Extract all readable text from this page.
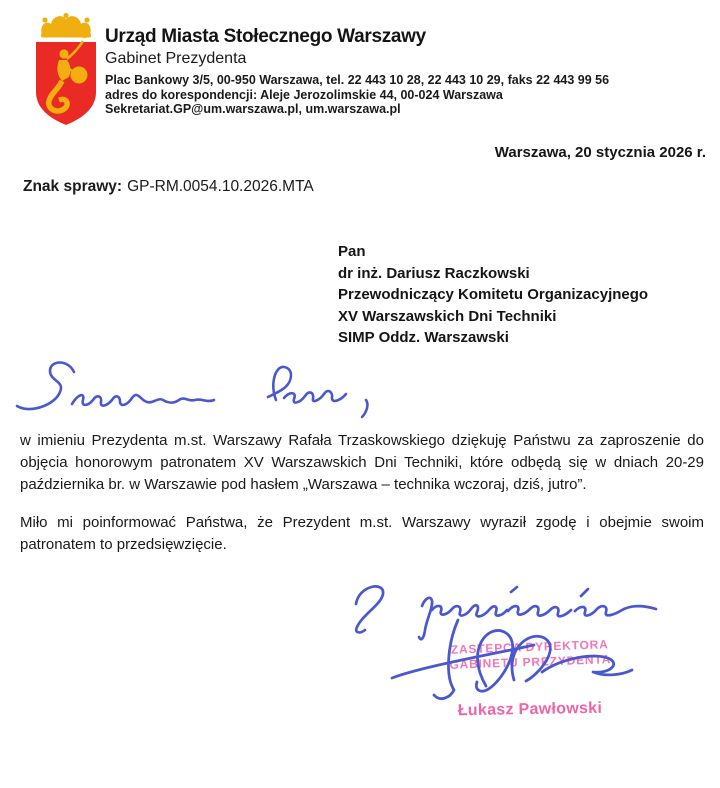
Urząd Miasta Stołecznego Warszawy
Gabinet Prezydenta
Plac Bankowy 3/5, 00-950 Warszawa, tel. 22 443 10 28, 22 443 10 29, faks 22 443 99 56
adres do korespondencji: Aleje Jerozolimskie 44, 00-024 Warszawa
Sekretariat.GP@um.warszawa.pl, um.warszawa.pl
Warszawa, 20 stycznia 2026 r.
Znak sprawy: GP-RM.0054.10.2026.MTA
Pan
dr inż. Dariusz Raczkowski
Przewodniczący Komitetu Organizacyjnego
XV Warszawskich Dni Techniki
SIMP Oddz. Warszawski

w imieniu Prezydenta m.st. Warszawy Rafała Trzaskowskiego dziękuję Państwu za zaproszenie do objęcia honorowym patronatem XV Warszawskich Dni Techniki, które odbędą się w dniach 20-29 października br. w Warszawie pod hasłem „Warszawa – technika wczoraj, dziś, jutro”.

Miło mi poinformować Państwa, że Prezydent m.st. Warszawy wyraził zgodę i obejmie swoim patronatem to przedsięwzięcie.

ZASTĘPCA DYREKTORA
GABINETU PREZYDENTA
Łukasz Pawłowski
